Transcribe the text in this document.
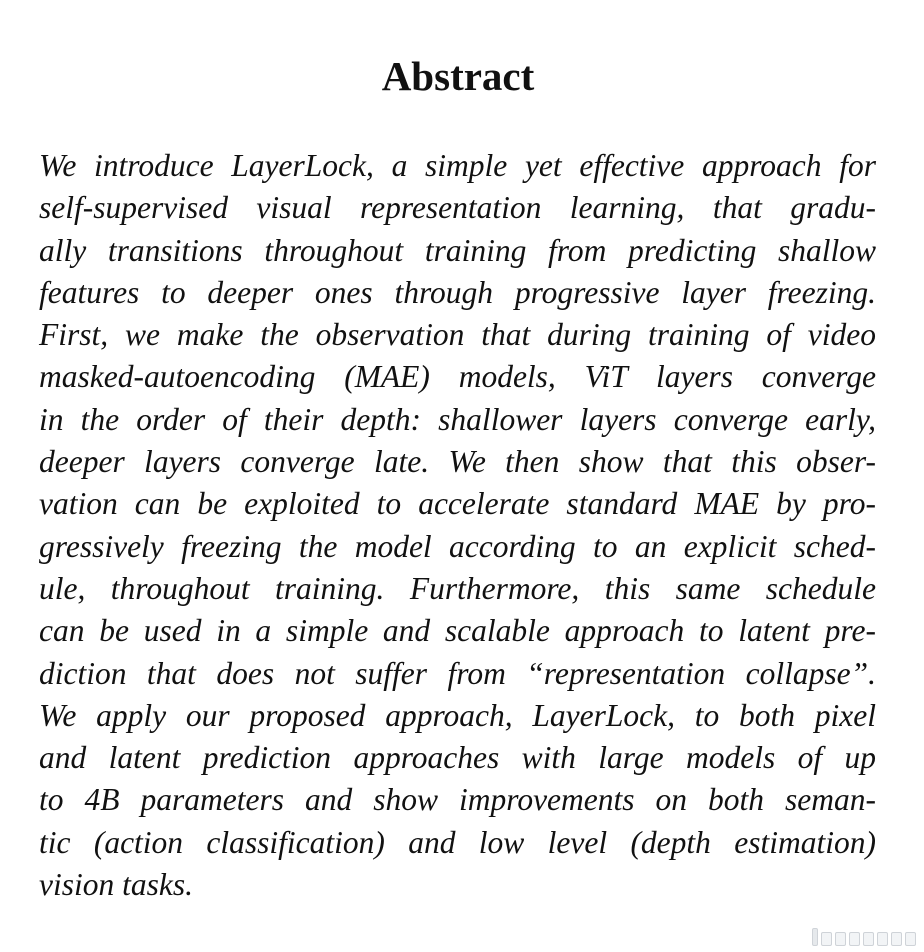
Abstract
We introduce LayerLock, a simple yet effective approach for
self-supervised visual representation learning, that gradu-
ally transitions throughout training from predicting shallow
features to deeper ones through progressive layer freezing.
First, we make the observation that during training of video
masked-autoencoding (MAE) models, ViT layers converge
in the order of their depth: shallower layers converge early,
deeper layers converge late. We then show that this obser-
vation can be exploited to accelerate standard MAE by pro-
gressively freezing the model according to an explicit sched-
ule, throughout training. Furthermore, this same schedule
can be used in a simple and scalable approach to latent pre-
diction that does not suffer from “representation collapse”.
We apply our proposed approach, LayerLock, to both pixel
and latent prediction approaches with large models of up
to 4B parameters and show improvements on both seman-
tic (action classification) and low level (depth estimation)
vision tasks.
